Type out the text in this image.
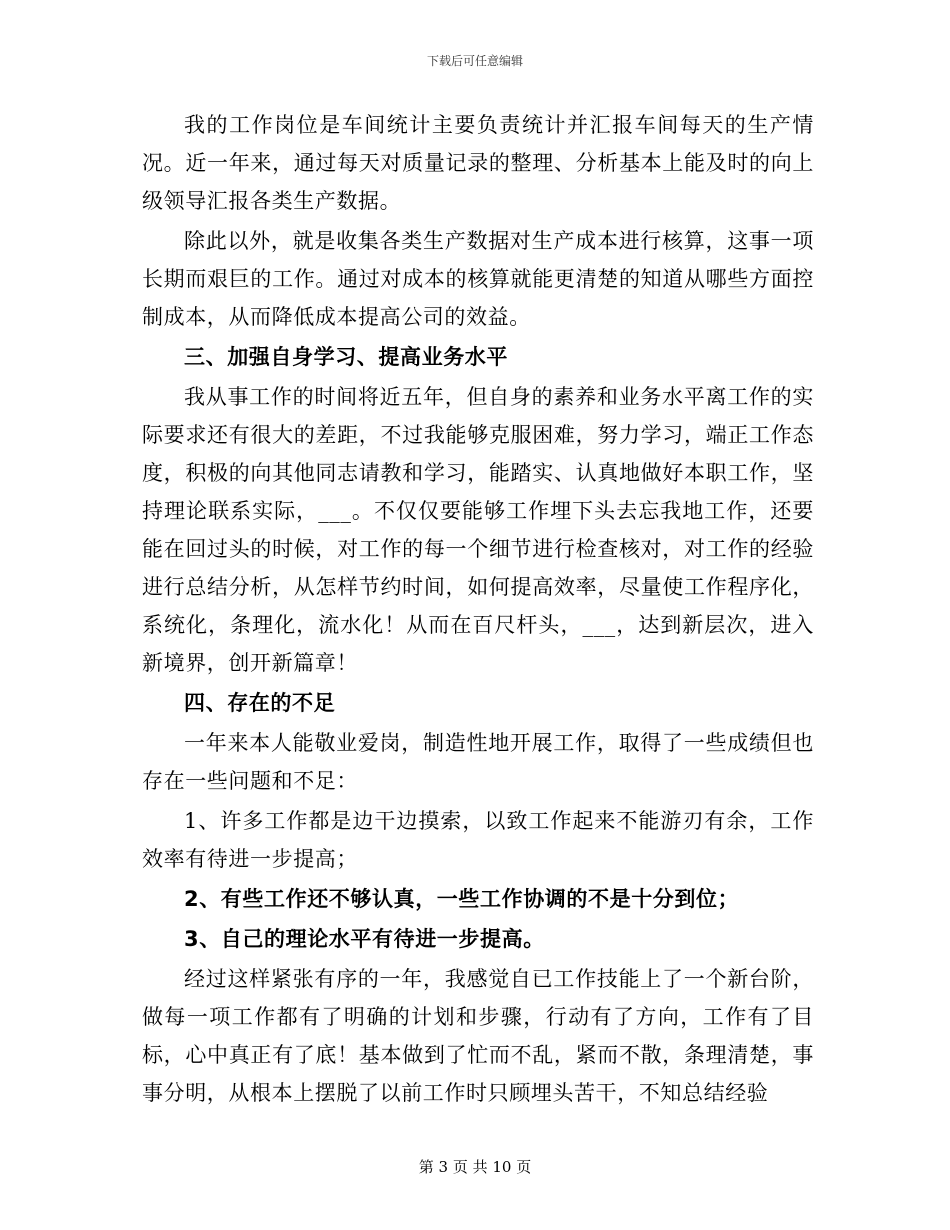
下载后可任意编辑

我的工作岗位是车间统计主要负责统计并汇报车间每天的生产情况。近一年来，通过每天对质量记录的整理、分析基本上能及时的向上级领导汇报各类生产数据。

除此以外，就是收集各类生产数据对生产成本进行核算，这事一项长期而艰巨的工作。通过对成本的核算就能更清楚的知道从哪些方面控制成本，从而降低成本提高公司的效益。

三、加强自身学习、提高业务水平

我从事工作的时间将近五年，但自身的素养和业务水平离工作的实际要求还有很大的差距，不过我能够克服困难，努力学习，端正工作态度，积极的向其他同志请教和学习，能踏实、认真地做好本职工作，坚持理论联系实际，___。不仅仅要能够工作埋下头去忘我地工作，还要能在回过头的时候，对工作的每一个细节进行检查核对，对工作的经验进行总结分析，从怎样节约时间，如何提高效率，尽量使工作程序化，系统化，条理化，流水化！从而在百尺杆头，___，达到新层次，进入新境界，创开新篇章！

四、存在的不足

一年来本人能敬业爱岗，制造性地开展工作，取得了一些成绩但也存在一些问题和不足：

1、许多工作都是边干边摸索，以致工作起来不能游刃有余，工作效率有待进一步提高；

2、有些工作还不够认真，一些工作协调的不是十分到位；

3、自己的理论水平有待进一步提高。

经过这样紧张有序的一年，我感觉自已工作技能上了一个新台阶，做每一项工作都有了明确的计划和步骤，行动有了方向，工作有了目标，心中真正有了底！基本做到了忙而不乱，紧而不散，条理清楚，事事分明，从根本上摆脱了以前工作时只顾埋头苦干，不知总结经验

第 3 页 共 10 页
